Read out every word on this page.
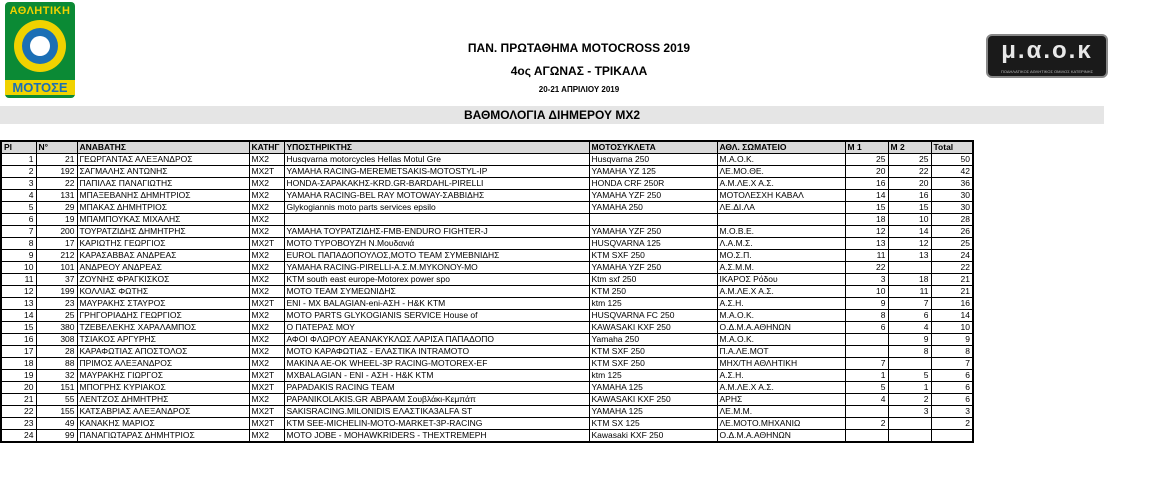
ΑΘΛΗΤΙΚΗ
ΜΟΤΟΣΕ
μ.α.ο.κ
ΠΟΔΗΛΑΤΙΚΟΣ ΑΘΛΗΤΙΚΟΣ ΟΜΙΛΟΣ ΚΑΤΕΡΙΝΗΣ
ΠΑΝ. ΠΡΩΤΑΘΗΜΑ MOTOCROSS 2019
4ος ΑΓΩΝΑΣ - ΤΡΙΚΑΛΑ
20-21 ΑΠΡΙΛΙΟΥ 2019
ΒΑΘΜΟΛΟΓΙΑ ΔΙΗΜΕΡΟΥ MX2
Pl	Ν°	ΑΝΑΒΑΤΗΣ	ΚΑΤΗΓ	ΥΠΟΣΤΗΡΙΚΤΗΣ	ΜΟΤΟΣΥΚΛΕΤΑ	ΑΘΛ. ΣΩΜΑΤΕΙΟ	Μ 1	Μ 2	Total
1	21	ΓΕΩΡΓΑΝΤΑΣ ΑΛΕΞΑΝΔΡΟΣ	MX2	Husqvarna motorcycles Hellas Motul Gre	Husqvarna 250	Μ.Α.Ο.Κ.	25	25	50
2	192	ΣΑΓΜΑΛΗΣ ΑΝΤΩΝΗΣ	MX2T	YAMAHA RACING-MEREMETSAKIS-MOTOSTYL-IP	YAMAHA YZ 125	ΛΕ.ΜΟ.ΘΕ.	20	22	42
3	22	ΠΑΠΙΛΑΣ ΠΑΝΑΓΙΩΤΗΣ	MX2	HONDA-ΣΑΡΑΚΑΚΗΣ-KRD.GR-BARDAHL-PIRELLI	HONDA CRF 250R	Α.Μ.ΛΕ.Χ Α.Σ.	16	20	36
4	131	ΜΠΑΞΕΒΑΝΗΣ ΔΗΜΗΤΡΙΟΣ	MX2	YAMAHA RACING-BEL RAY MOTOWAY-ΣΑΒΒΙΔΗΣ	YAMAHA YZF 250	ΜΟΤΟΛΕΣΧΗ ΚΑΒΑΛ	14	16	30
5	29	ΜΠΑΚΑΣ ΔΗΜΗΤΡΙΟΣ	MX2	Glykogiannis moto parts services epsilo	YAMAHA 250	ΛΕ.ΔΙ.ΛΑ	15	15	30
6	19	ΜΠΑΜΠΟΥΚΑΣ ΜΙΧΑΛΗΣ	MX2				18	10	28
7	200	ΤΟΥΡΑΤΖΙΔΗΣ ΔΗΜΗΤΡΗΣ	MX2	YAMAHA ΤΟΥΡΑΤΖΙΔΗΣ-FMB-ENDURO FIGHTER-J	YAMAHA YZF 250	Μ.Ο.Β.Ε.	12	14	26
8	17	ΚΑΡΙΩΤΗΣ ΓΕΩΡΓΙΟΣ	MX2T	ΜΟΤΟ ΤΥΡΟΒΟΥΖΗ Ν.Μουδανιά	HUSQVARNA 125	Λ.Α.Μ.Σ.	13	12	25
9	212	ΚΑΡΑΣΑΒΒΑΣ ΑΝΔΡΕΑΣ	MX2	EUROL ΠΑΠΑΔΟΠΟΥΛΟΣ,ΜΟΤΟ TEAM ΣΥΜΕΒΝΙΔΗΣ	KTM SXF 250	ΜΟ.Σ.Π.	11	13	24
10	101	ΑΝΔΡΕΟΥ ΑΝΔΡΕΑΣ	MX2	YAMAHA RACING-PIRELLI-Α.Σ.Μ.ΜΥΚΟΝΟΥ-ΜΟ	YAMAHA YZF 250	Α.Σ.Μ.Μ.	22		22
11	37	ΖΟΥΝΗΣ ΦΡΑΓΚΙΣΚΟΣ	MX2	KTM south east europe-Motorex power spo	Ktm sxf 250	ΙΚΑΡΟΣ Ρόδου	3	18	21
12	199	ΚΟΛΛΙΑΣ ΦΩΤΗΣ	MX2	ΜΟΤΟ TEAM ΣΥΜΕΩΝΙΔΗΣ	KTM 250	Α.Μ.ΛΕ.Χ Α.Σ.	10	11	21
13	23	ΜΑΥΡΑΚΗΣ ΣΤΑΥΡΟΣ	MX2T	ENI - MX BALAGIAN-eni-ΑΣΗ - H&K KTM	ktm 125	Α.Σ.Η.	9	7	16
14	25	ΓΡΗΓΟΡΙΑΔΗΣ ΓΕΩΡΓΙΟΣ	MX2	MOTO PARTS GLYKOGIANIS SERVICE House of	HUSQVARNA FC 250	Μ.Α.Ο.Κ.	8	6	14
15	380	ΤΖΕΒΕΛΕΚΗΣ ΧΑΡΑΛΑΜΠΟΣ	MX2	Ο ΠΑΤΕΡΑΣ ΜΟΥ	KAWASAKI KXF 250	Ο.Δ.Μ.Α.ΑΘΗΝΩΝ	6	4	10
16	308	ΤΣΙΑΚΟΣ ΑΡΓΥΡΗΣ	MX2	ΑΦΟΙ ΦΛΩΡΟΥ ΑΕΑΝΑΚΥΚΛΩΣ ΛΑΡΙΣΑ ΠΑΠΑΔΟΠΟ	Yamaha 250	Μ.Α.Ο.Κ.		9	9
17	28	ΚΑΡΑΦΩΤΙΑΣ ΑΠΟΣΤΟΛΟΣ	MX2	ΜΟΤΟ ΚΑΡΑΦΩΤΙΑΣ - ΕΛΑΣΤΙΚΑ INTRAMOTO	KTM SXF 250	Π.Α.ΛΕ.ΜΟΤ		8	8
18	88	ΠΡΙΜΟΣ ΑΛΕΞΑΝΔΡΟΣ	MX2	MAKINA AE-OK WHEEL-3P RACING-MOTOREX-EF	KTM SXF 250	ΜΗΧ/ΤΗ ΑΘΛΗΤΙΚΗ	7		7
19	32	ΜΑΥΡΑΚΗΣ ΓΙΩΡΓΟΣ	MX2T	MXBALAGIAN - ENI - ΑΣΗ - H&K KTM	ktm 125	Α.Σ.Η.	1	5	6
20	151	ΜΠΟΓΡΗΣ ΚΥΡΙΑΚΟΣ	MX2T	PAPADAKIS RACING TEAM	YAMAHA 125	Α.Μ.ΛΕ.Χ Α.Σ.	5	1	6
21	55	ΛΕΝΤΖΟΣ ΔΗΜΗΤΡΗΣ	MX2	PAPANIKOLAKIS.GR ΑΒΡΑΑΜ Σουβλάκι-Κεμπάπ	KAWASAKI KXF 250	ΑΡΗΣ	4	2	6
22	155	ΚΑΤΣΑΒΡΙΑΣ ΑΛΕΞΑΝΔΡΟΣ	MX2T	SAKISRACING.MILONIDIS ΕΛΑΣΤΙΚΑ3ALFA ST	YAMAHA 125	ΛΕ.Μ.Μ.		3	3
23	49	ΚΑΝΑΚΗΣ ΜΑΡΙΟΣ	MX2T	KTM SEE-MICHELIN-MOTO-MARKET-3P-RACING	KTM SX 125	ΛΕ.ΜΟΤΟ.ΜΗΧΑΝΙΩ	2		2
24	99	ΠΑΝΑΓΙΩΤΑΡΑΣ ΔΗΜΗΤΡΙΟΣ	MX2	MOTO JOBE - MOHAWKRIDERS - THEXTREMEPH	Kawasaki KXF 250	Ο.Δ.Μ.Α.ΑΘΗΝΩΝ			
